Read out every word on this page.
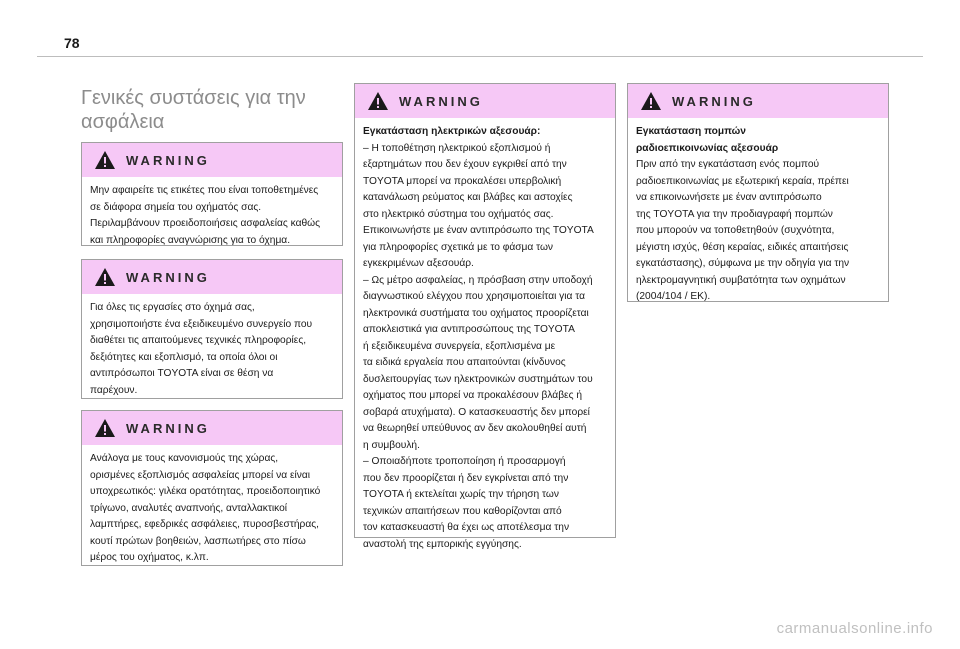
78
Γενικές συστάσεις για την ασφάλεια
WARNING

Μην αφαιρείτε τις ετικέτες που είναι τοποθετημένες

σε διάφορα σημεία του οχήματός σας.

Περιλαμβάνουν προειδοποιήσεις ασφαλείας καθώς

και πληροφορίες αναγνώρισης για το όχημα.

WARNING

Για όλες τις εργασίες στο όχημά σας,

χρησιμοποιήστε ένα εξειδικευμένο συνεργείο που

διαθέτει τις απαιτούμενες τεχνικές πληροφορίες,

δεξιότητες και εξοπλισμό, τα οποία όλοι οι

αντιπρόσωποι TOYOTA είναι σε θέση να

παρέχουν.

WARNING

Ανάλογα με τους κανονισμούς της χώρας,

ορισμένες εξοπλισμός ασφαλείας μπορεί να είναι

υποχρεωτικός: γιλέκα ορατότητας, προειδοποιητικό

τρίγωνο, αναλυτές αναπνοής, ανταλλακτικοί

λαμπτήρες, εφεδρικές ασφάλειες, πυροσβεστήρας,

κουτί πρώτων βοηθειών, λασπωτήρες στο πίσω

μέρος του οχήματος, κ.λπ.

WARNING

Εγκατάσταση ηλεκτρικών αξεσουάρ:

– Η τοποθέτηση ηλεκτρικού εξοπλισμού ή

εξαρτημάτων που δεν έχουν εγκριθεί από την

TOYOTA μπορεί να προκαλέσει υπερβολική

κατανάλωση ρεύματος και βλάβες και αστοχίες

στο ηλεκτρικό σύστημα του οχήματός σας.

Επικοινωνήστε με έναν αντιπρόσωπο της TOYOTA

για πληροφορίες σχετικά με το φάσμα των

εγκεκριμένων αξεσουάρ.

– Ως μέτρο ασφαλείας, η πρόσβαση στην υποδοχή

διαγνωστικού ελέγχου που χρησιμοποιείται για τα

ηλεκτρονικά συστήματα του οχήματος προορίζεται

αποκλειστικά για αντιπροσώπους της TOYOTA

ή εξειδικευμένα συνεργεία, εξοπλισμένα με

τα ειδικά εργαλεία που απαιτούνται (κίνδυνος

δυσλειτουργίας των ηλεκτρονικών συστημάτων του

οχήματος που μπορεί να προκαλέσουν βλάβες ή

σοβαρά ατυχήματα). Ο κατασκευαστής δεν μπορεί

να θεωρηθεί υπεύθυνος αν δεν ακολουθηθεί αυτή

η συμβουλή.

– Οποιαδήποτε τροποποίηση ή προσαρμογή

που δεν προορίζεται ή δεν εγκρίνεται από την

TOYOTA ή εκτελείται χωρίς την τήρηση των

τεχνικών απαιτήσεων που καθορίζονται από

τον κατασκευαστή θα έχει ως αποτέλεσμα την

αναστολή της εμπορικής εγγύησης.

WARNING

Εγκατάσταση πομπών ραδιοεπικοινωνίας αξεσουάρ

Πριν από την εγκατάσταση ενός πομπού

ραδιοεπικοινωνίας με εξωτερική κεραία, πρέπει

να επικοινωνήσετε με έναν αντιπρόσωπο

της TOYOTA για την προδιαγραφή πομπών

που μπορούν να τοποθετηθούν (συχνότητα,

μέγιστη ισχύς, θέση κεραίας, ειδικές απαιτήσεις

εγκατάστασης), σύμφωνα με την οδηγία για την

ηλεκτρομαγνητική συμβατότητα των οχημάτων

(2004/104 / ΕΚ).

carmanualsonline.info
